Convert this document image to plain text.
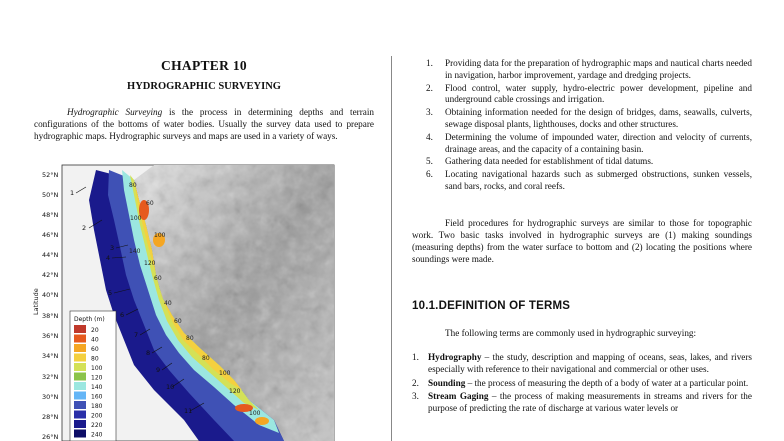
CHAPTER 10
HYDROGRAPHIC SURVEYING

Hydrographic Surveying is the process in determining depths and terrain configurations of the bottoms of water bodies. Usually the survey data used to prepare hydrographic maps. Hydrographic surveys and maps are used in a variety of ways.

80
60
100
100
140
120
60
40
60
80
80
100
120
100
52°N
50°N
48°N
46°N
44°N
42°N
40°N
38°N
36°N
34°N
32°N
30°N
28°N
26°N
Latitude
Depth (m)
20
40
60
80
100
120
140
160
180
200
220
240
1
2
3
4
5
6
7
8
9
10
11
1. Providing data for the preparation of hydrographic maps and nautical charts needed in navigation, harbor improvement, yardage and dredging projects.
2. Flood control, water supply, hydro-electric power development, pipeline and underground cable crossings and irrigation.
3. Obtaining information needed for the design of bridges, dams, seawalls, culverts, sewage disposal plants, lighthouses, docks and other structures.
4. Determining the volume of impounded water, direction and velocity of currents, drainage areas, and the capacity of a containing basin.
5. Gathering data needed for establishment of tidal datums.
6. Locating navigational hazards such as submerged obstructions, sunken vessels, sand bars, rocks, and coral reefs.

Field procedures for hydrographic surveys are similar to those for topographic work. Two basic tasks involved in hydrographic surveys are (1) making soundings (measuring depths) from the water surface to bottom and (2) locating the positions where soundings were made.

10.1.DEFINITION OF TERMS
The following terms are commonly used in hydrographic surveying:
1. Hydrography – the study, description and mapping of oceans, seas, lakes, and rivers especially with reference to their navigational and commercial or other uses.
2. Sounding – the process of measuring the depth of a body of water at a particular point.
3. Stream Gaging – the process of making measurements in streams and rivers for the purpose of predicting the rate of discharge at various water levels or
